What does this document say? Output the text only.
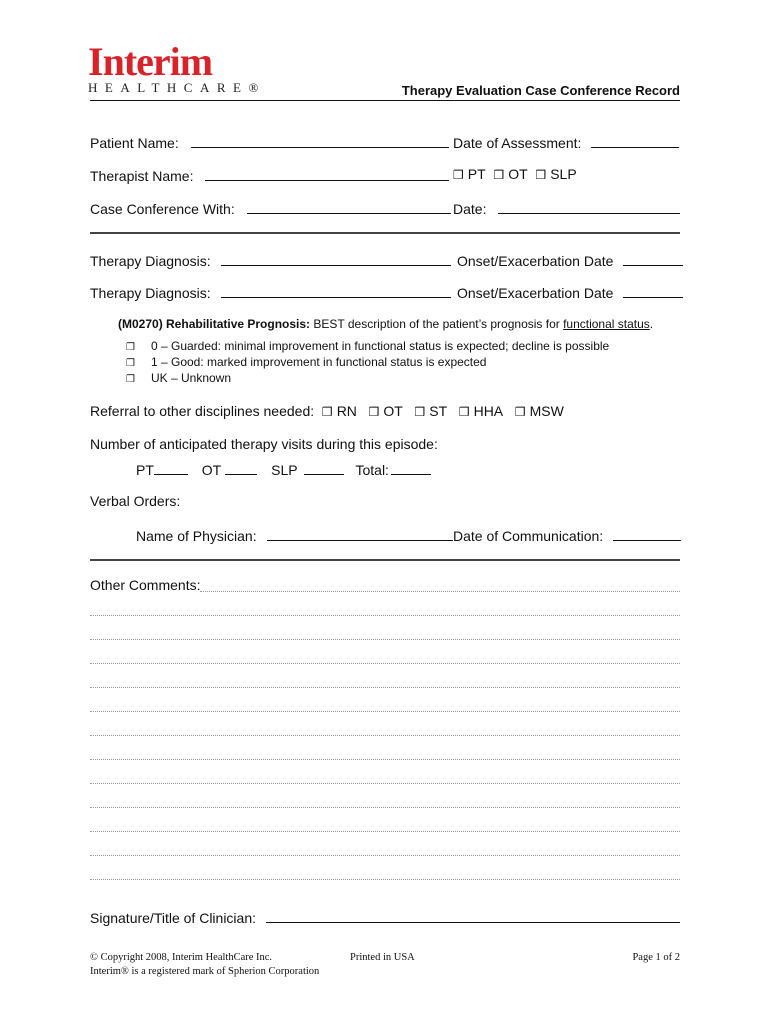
Interim
HEALTHCARE®	Therapy Evaluation Case Conference Record
Patient Name:	Date of Assessment:
Therapist Name:	❒ PT ❒ OT ❒ SLP
Case Conference With:	Date:
Therapy Diagnosis:	Onset/Exacerbation Date
Therapy Diagnosis:	Onset/Exacerbation Date
(M0270) Rehabilitative Prognosis: BEST description of the patient’s prognosis for functional status.
❒ 0 – Guarded: minimal improvement in functional status is expected; decline is possible
❒ 1 – Good: marked improvement in functional status is expected
❒ UK – Unknown
Referral to other disciplines needed: ❒ RN ❒ OT ❒ ST ❒ HHA ❒ MSW
Number of anticipated therapy visits during this episode:
PT	OT	SLP	Total:
Verbal Orders:
Name of Physician:	Date of Communication:
Other Comments:
Signature/Title of Clinician:
© Copyright 2008, Interim HealthCare Inc.
Interim® is a registered mark of Spherion Corporation
Printed in USA	Page 1 of 2
